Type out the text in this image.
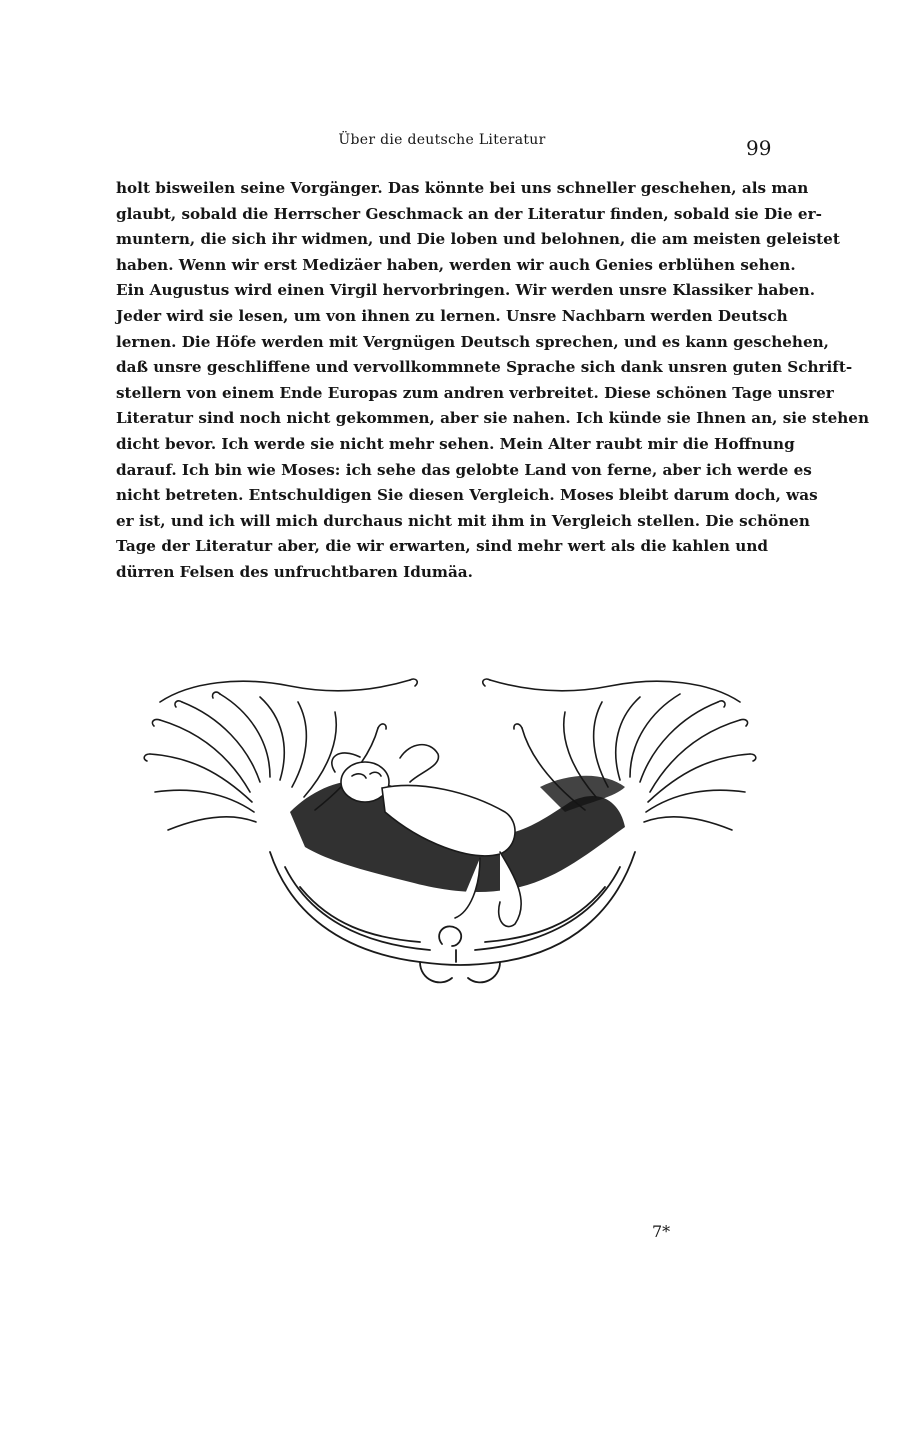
Über die deutsche Literatur	99
holt bisweilen seine Vorgänger. Das könnte bei uns schneller geschehen, als man
glaubt, sobald die Herrscher Geschmack an der Literatur finden, sobald sie Die er-
muntern, die sich ihr widmen, und Die loben und belohnen, die am meisten geleistet
haben. Wenn wir erst Medizäer haben, werden wir auch Genies erblühen sehen.
Ein Augustus wird einen Virgil hervorbringen. Wir werden unsre Klassiker haben.
Jeder wird sie lesen, um von ihnen zu lernen. Unsre Nachbarn werden Deutsch
lernen. Die Höfe werden mit Vergnügen Deutsch sprechen, und es kann geschehen,
daß unsre geschliffene und vervollkommnete Sprache sich dank unsren guten Schrift-
stellern von einem Ende Europas zum andren verbreitet. Diese schönen Tage unsrer
Literatur sind noch nicht gekommen, aber sie nahen. Ich künde sie Ihnen an, sie stehen
dicht bevor. Ich werde sie nicht mehr sehen. Mein Alter raubt mir die Hoffnung
darauf. Ich bin wie Moses: ich sehe das gelobte Land von ferne, aber ich werde es
nicht betreten. Entschuldigen Sie diesen Vergleich. Moses bleibt darum doch, was
er ist, und ich will mich durchaus nicht mit ihm in Vergleich stellen. Die schönen
Tage der Literatur aber, die wir erwarten, sind mehr wert als die kahlen und
dürren Felsen des unfruchtbaren Idumäa.
7*
